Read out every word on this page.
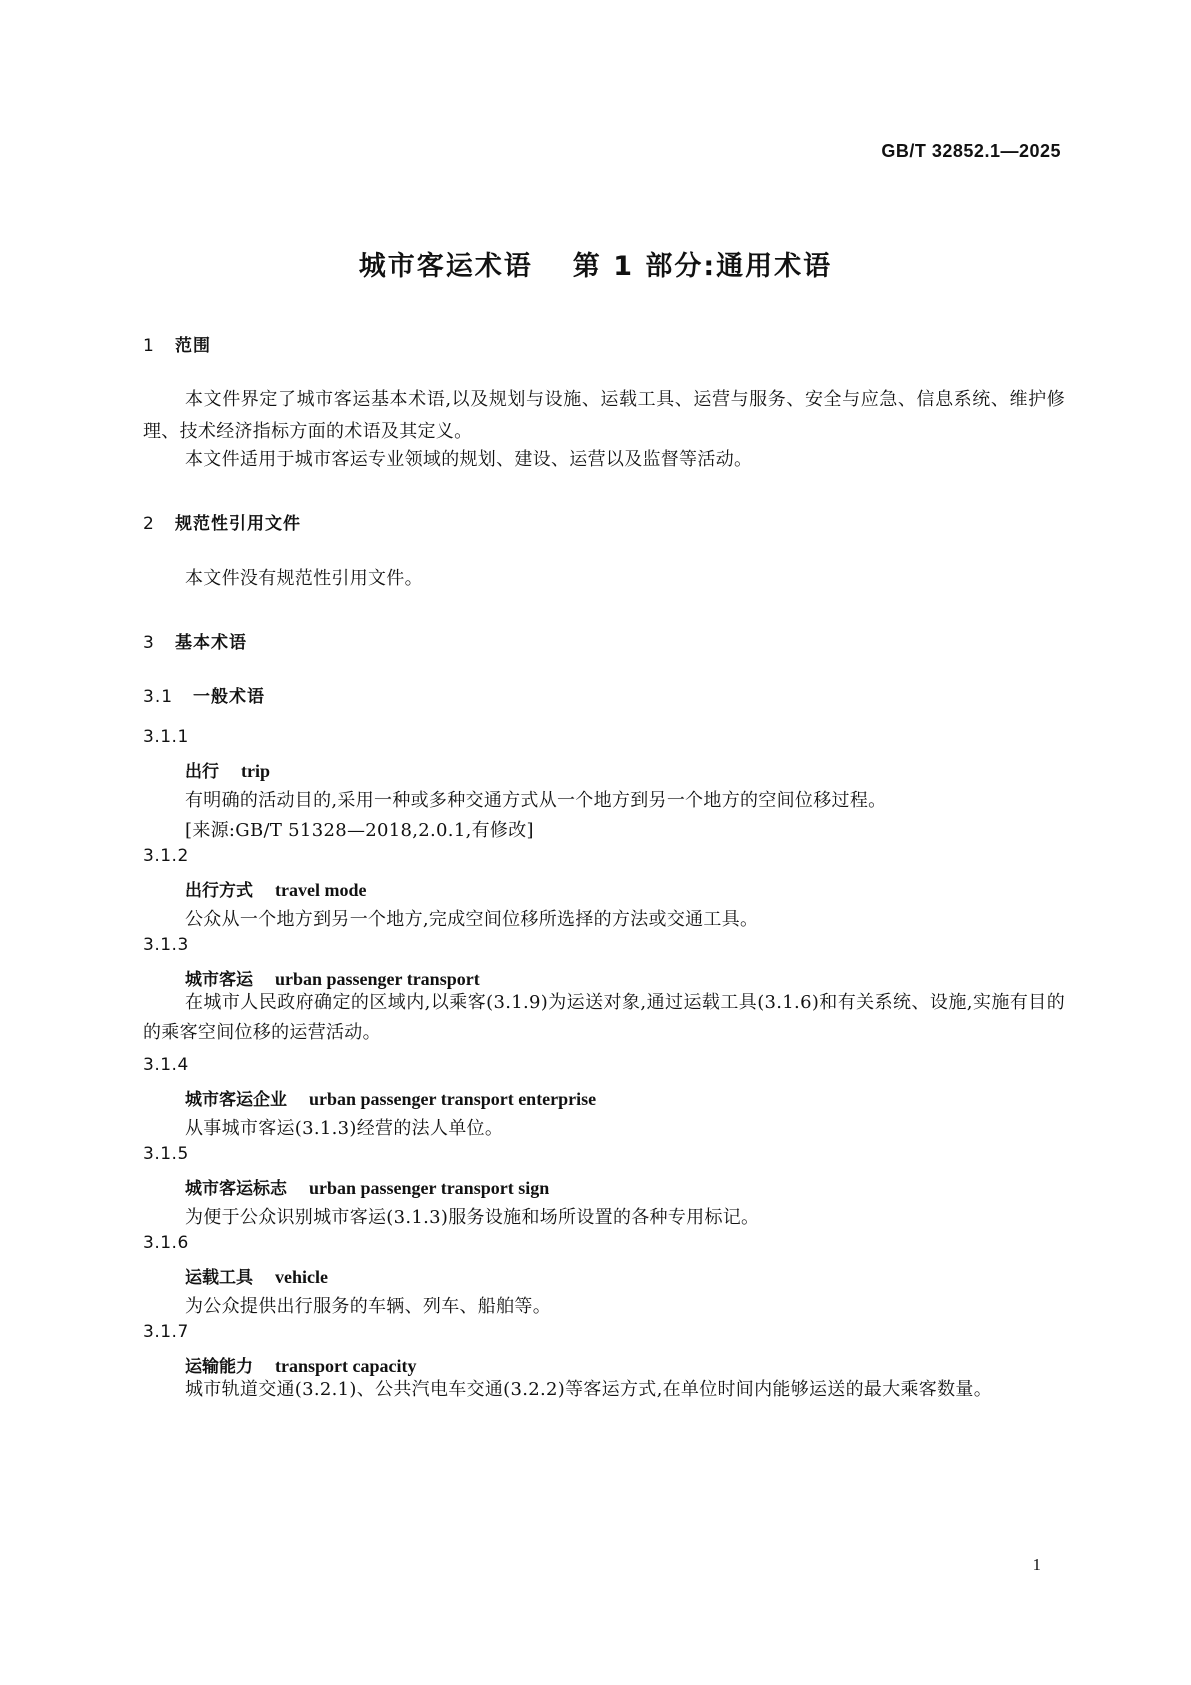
GB/T 32852.1—2025
城市客运术语 第 1 部分:通用术语
1 范围
本文件界定了城市客运基本术语,以及规划与设施、运载工具、运营与服务、安全与应急、信息系统、维护修理、技术经济指标方面的术语及其定义。
本文件适用于城市客运专业领域的规划、建设、运营以及监督等活动。
2 规范性引用文件
本文件没有规范性引用文件。
3 基本术语
3.1 一般术语
3.1.1
出行 trip
有明确的活动目的,采用一种或多种交通方式从一个地方到另一个地方的空间位移过程。
[来源:GB/T 51328—2018,2.0.1,有修改]
3.1.2
出行方式 travel mode
公众从一个地方到另一个地方,完成空间位移所选择的方法或交通工具。
3.1.3
城市客运 urban passenger transport
在城市人民政府确定的区域内,以乘客(3.1.9)为运送对象,通过运载工具(3.1.6)和有关系统、设施,实施有目的的乘客空间位移的运营活动。
3.1.4
城市客运企业 urban passenger transport enterprise
从事城市客运(3.1.3)经营的法人单位。
3.1.5
城市客运标志 urban passenger transport sign
为便于公众识别城市客运(3.1.3)服务设施和场所设置的各种专用标记。
3.1.6
运载工具 vehicle
为公众提供出行服务的车辆、列车、船舶等。
3.1.7
运输能力 transport capacity
城市轨道交通(3.2.1)、公共汽电车交通(3.2.2)等客运方式,在单位时间内能够运送的最大乘客数量。
1
